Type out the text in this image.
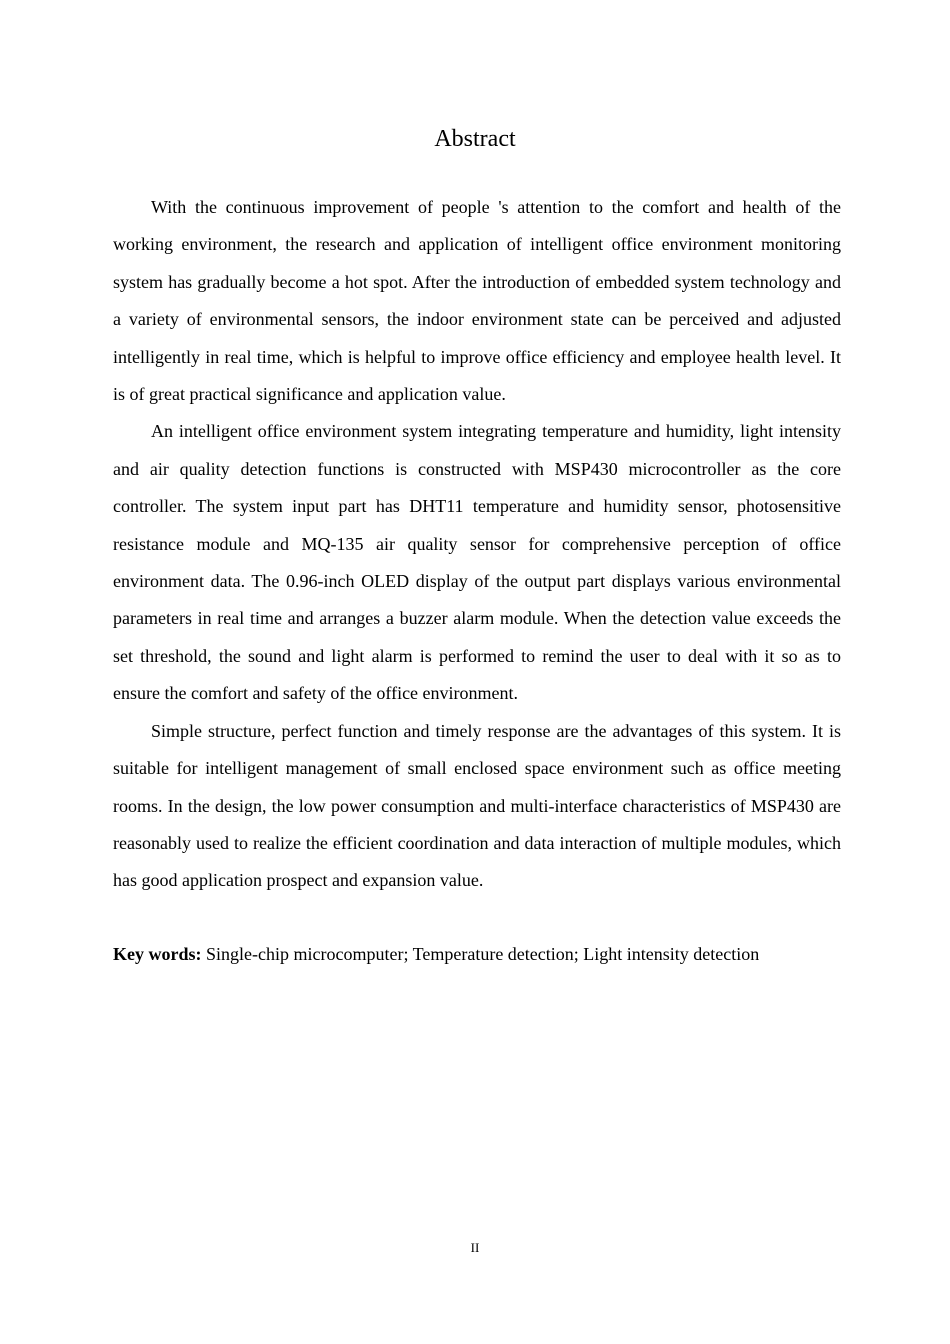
Abstract

With the continuous improvement of people 's attention to the comfort and health of the working environment, the research and application of intelligent office environment monitoring system has gradually become a hot spot. After the introduction of embedded system technology and a variety of environmental sensors, the indoor environment state can be perceived and adjusted intelligently in real time, which is helpful to improve office efficiency and employee health level. It is of great practical significance and application value.

An intelligent office environment system integrating temperature and humidity, light intensity and air quality detection functions is constructed with MSP430 microcontroller as the core controller. The system input part has DHT11 temperature and humidity sensor, photosensitive resistance module and MQ-135 air quality sensor for comprehensive perception of office environment data. The 0.96-inch OLED display of the output part displays various environmental parameters in real time and arranges a buzzer alarm module. When the detection value exceeds the set threshold, the sound and light alarm is performed to remind the user to deal with it so as to ensure the comfort and safety of the office environment.

Simple structure, perfect function and timely response are the advantages of this system. It is suitable for intelligent management of small enclosed space environment such as office meeting rooms. In the design, the low power consumption and multi-interface characteristics of MSP430 are reasonably used to realize the efficient coordination and data interaction of multiple modules, which has good application prospect and expansion value.

Key words: Single-chip microcomputer; Temperature detection; Light intensity detection

II
